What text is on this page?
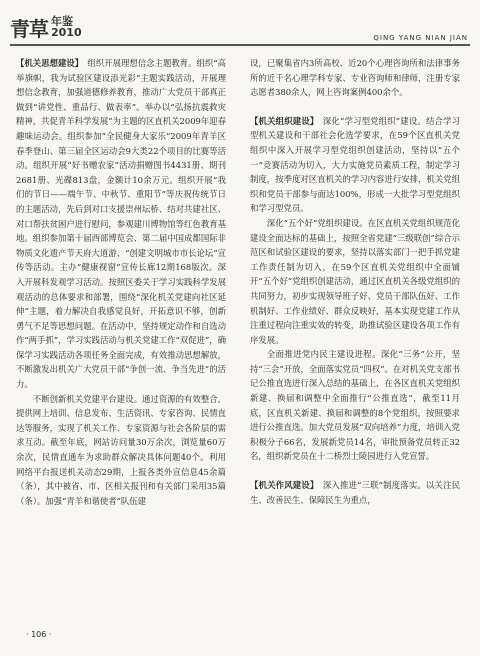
青草 年鉴
2010	QING YANG NIAN JIAN

【机关思想建设】　 组织开展理想信念主题教育。组织“高举旗帜，我为试验区建设添光彩”主题实践活动，开展理想信念教育，加强道德修养教育，推动广大党员干部真正做到“讲党性、重品行、做表率”。举办以“弘扬抗震救灾精神，共促青羊科学发展”为主题的区直机关2009年迎春趣味运动会。组织参加“全民健身大家乐”2009年青羊区春季登山、第三届全区运动会9大类22个项目的比赛等活动。组织开展“好书赠农家”活动捐赠图书4431册、期刊2681册、光碟813盘，金额计10余万元。组织开展“我们的节日——端午节、中秋节、重阳节”等庆祝传统节日的主题活动，先后到对口支援崇州坛桥、结对共建社区、对口帮扶贫困户进行慰问，参观建川博物馆等红色教育基地。组织参加第十届西部博览会、第二届中国成都国际非物质文化遗产节天府大道游、“创建文明城市市长论坛”宣传等活动。主办“健康视窗”宣传长廊12期168版次。深入开展科发观学习活动。按照区委关于学习实践科学发展观活动的总体要求和部署，围绕“深化机关党建向社区延伸”主题，着力解决自我感觉良好，开拓意识不够，创新勇气不足等思想问题。在活动中，坚持规定动作和自选动作“两手抓”，学习实践活动与机关党建工作“双促进”，确保学习实践活动各项任务全面完成，有效推动思想解放，不断激发出机关广大党员干部“争创一流、争当先进”的活力。

不断创新机关党建平台建设。通过资源的有效整合，提供网上培训、信息发布、生活资讯、专家咨询、民情直达等服务，实现了机关工作、专家资源与社会各阶层的需求互动。截至年底，网站访问量30万余次，浏览量60万余次，民情直通车为求助群众解决具体问题40个。利用网络平台报送机关动态29期，上报各类外宣信息45余篇（条），其中被省、市、区相关报刊和有关部门采用35篇（条）。加强“青羊和谐使者”队伍建

设，已聚集省内3所高校、近20个心理咨询所和法律事务所的近千名心理学科专家、专业咨询师和律师，注册专家志愿者380余人，网上咨询案例400余个。

【机关组织建设】　 深化“学习型党组织”建设。结合学习型机关建设和干部社会化选学要求，在59个区直机关党组织中深入开展学习型党组织创建活动，坚持以“五个一”竞赛活动为切入，大力实施党员素质工程，制定学习制度，按季度对区直机关的学习内容进行安排，机关党组织和党员干部参与面达100%，形成一大批学习型党组织和学习型党员。

深化“五个好”党组织建设。在区直机关党组织规范化建设全面达标的基础上，按照全省党建“三级联创”综合示范区和试验区建设的要求，坚持以落实部门一把手抓党建工作责任制为切入，在59个区直机关党组织中全面铺开“五个好”党组织创建活动，通过区直机关各级党组织的共同努力，初步实现领导班子好、党员干部队伍好、工作机制好、工作业绩好、群众反映好，基本实现党建工作从注重过程向注重实效的转变，助推试验区建设各项工作有序发展。

全面推进党内民主建设进程。深化“三务”公开，坚持“三会”开放，全面落实党员“四权”。在对机关党支部书记公推直选进行深入总结的基础上，在各区直机关党组织新建、换届和调整中全面推行“公推直选”，截至11月底，区直机关新建、换届和调整的8个党组织，按照要求进行公推直选。加大党员发展“双向培养”力度，培训入党积极分子66名，发展新党员14名，审批预备党员转正32名，组织新党员在十二桥烈士陵园进行入党宣誓。

【机关作风建设】　 深入推进“三联”制度落实。以关注民生、改善民生、保障民生为重点，

· 106 ·
